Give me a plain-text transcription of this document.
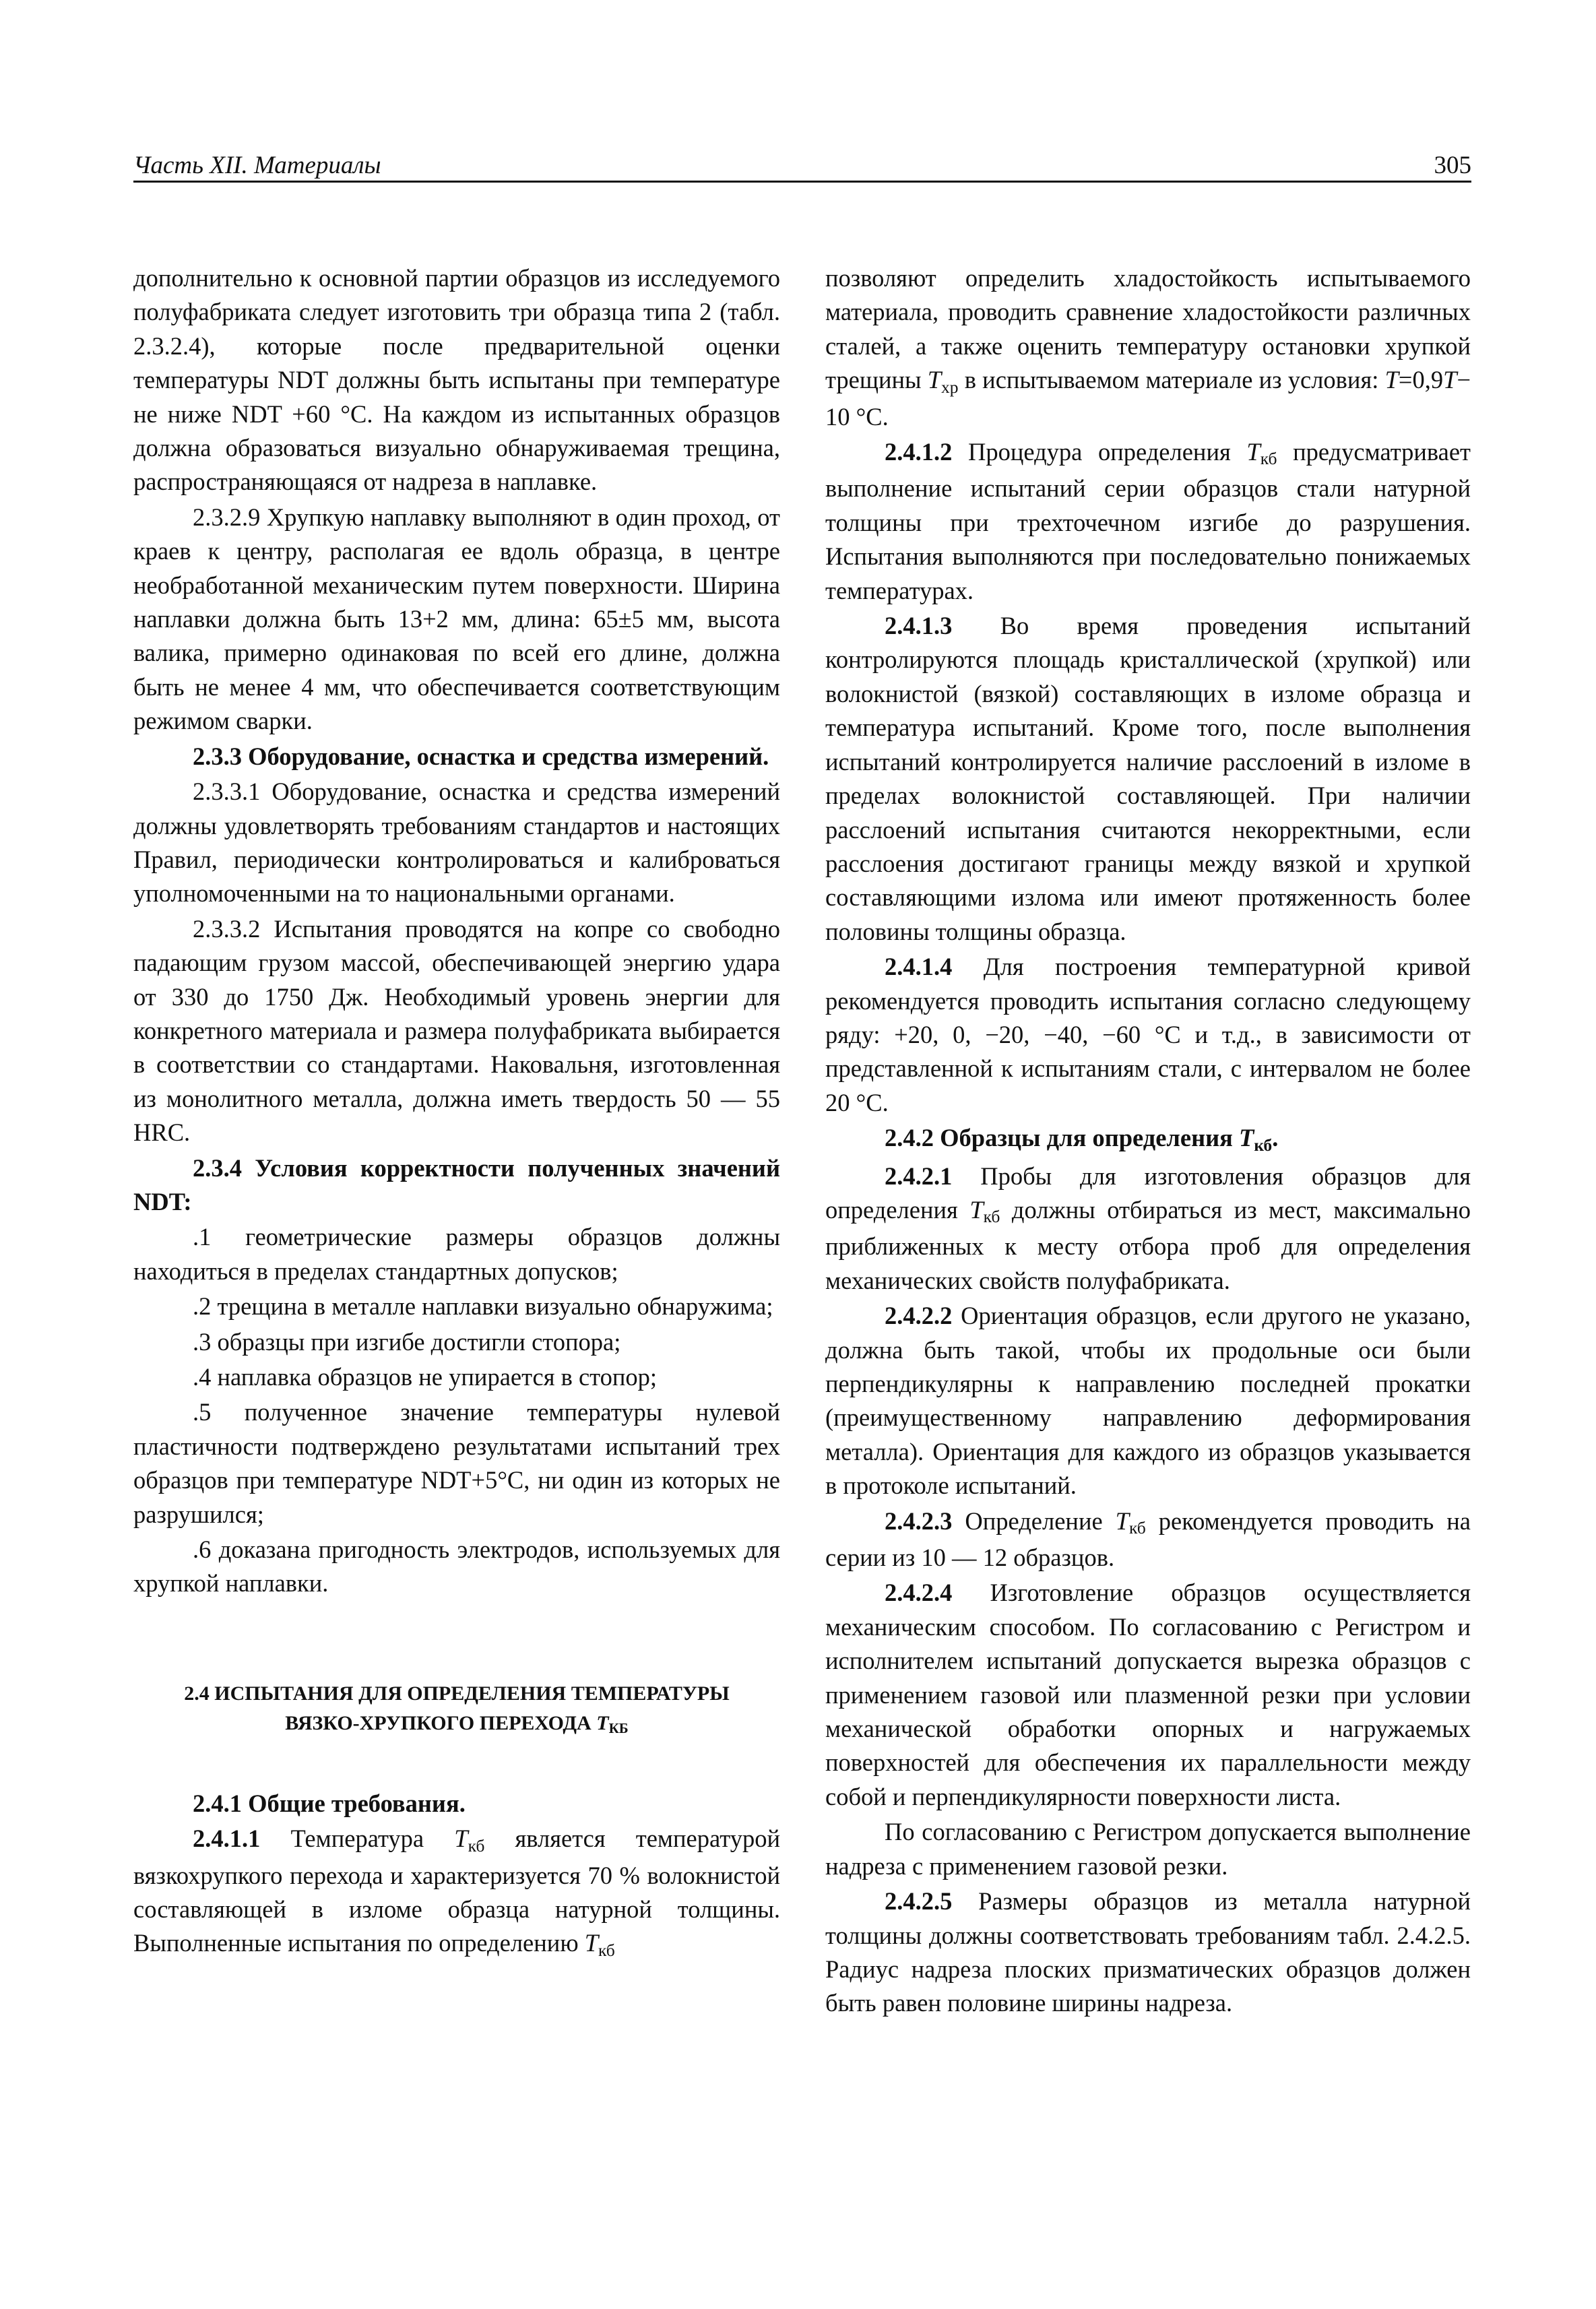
Часть XII. Материалы	305

дополнительно к основной партии образцов из исследуемого полуфабриката следует изготовить три образца типа 2 (табл. 2.3.2.4), которые после предварительной оценки температуры NDT должны быть испытаны при температуре не ниже NDT +60 °С. На каждом из испытанных образцов должна образоваться визуально обнаруживаемая трещина, распространяющаяся от надреза в наплавке.

2.3.2.9 Хрупкую наплавку выполняют в один проход, от краев к центру, располагая ее вдоль образца, в центре необработанной механическим путем поверхности. Ширина наплавки должна быть 13+2 мм, длина: 65±5 мм, высота валика, примерно одинаковая по всей его длине, должна быть не менее 4 мм, что обеспечивается соответствующим режимом сварки.

2.3.3 Оборудование, оснастка и средства измерений.

2.3.3.1 Оборудование, оснастка и средства измерений должны удовлетворять требованиям стандартов и настоящих Правил, периодически контролироваться и калиброваться уполномоченными на то национальными органами.

2.3.3.2 Испытания проводятся на копре со свободно падающим грузом массой, обеспечивающей энергию удара от 330 до 1750 Дж. Необходимый уровень энергии для конкретного материала и размера полуфабриката выбирается в соответствии со стандартами. Наковальня, изготовленная из монолитного металла, должна иметь твердость 50 — 55 HRC.

2.3.4 Условия корректности полученных значений NDT:

.1 геометрические размеры образцов должны находиться в пределах стандартных допусков;

.2 трещина в металле наплавки визуально обнаружима;

.3 образцы при изгибе достигли стопора;

.4 наплавка образцов не упирается в стопор;

.5 полученное значение температуры нулевой пластичности подтверждено результатами испытаний трех образцов при температуре NDT+5°С, ни один из которых не разрушился;

.6 доказана пригодность электродов, используемых для хрупкой наплавки.

2.4 ИСПЫТАНИЯ ДЛЯ ОПРЕДЕЛЕНИЯ ТЕМПЕРАТУРЫ
ВЯЗКО-ХРУПКОГО ПЕРЕХОДА TКБ

2.4.1 Общие требования.

2.4.1.1 Температура Tкб является температурой вязкохрупкого перехода и характеризуется 70 % волокнистой составляющей в изломе образца натурной толщины. Выполненные испытания по определению Tкб

позволяют определить хладостойкость испытываемого материала, проводить сравнение хладостойкости различных сталей, а также оценить температуру остановки хрупкой трещины Tхр в испытываемом материале из условия: T=0,9T− 10 °С.

2.4.1.2 Процедура определения Tкб предусматривает выполнение испытаний серии образцов стали натурной толщины при трехточечном изгибе до разрушения. Испытания выполняются при последовательно понижаемых температурах.

2.4.1.3 Во время проведения испытаний контролируются площадь кристаллической (хрупкой) или волокнистой (вязкой) составляющих в изломе образца и температура испытаний. Кроме того, после выполнения испытаний контролируется наличие расслоений в изломе в пределах волокнистой составляющей. При наличии расслоений испытания считаются некорректными, если расслоения достигают границы между вязкой и хрупкой составляющими излома или имеют протяженность более половины толщины образца.

2.4.1.4 Для построения температурной кривой рекомендуется проводить испытания согласно следующему ряду: +20, 0, −20, −40, −60 °С и т.д., в зависимости от представленной к испытаниям стали, с интервалом не более 20 °С.

2.4.2 Образцы для определения Tкб.

2.4.2.1 Пробы для изготовления образцов для определения Tкб должны отбираться из мест, максимально приближенных к месту отбора проб для определения механических свойств полуфабриката.

2.4.2.2 Ориентация образцов, если другого не указано, должна быть такой, чтобы их продольные оси были перпендикулярны к направлению последней прокатки (преимущественному направлению деформирования металла). Ориентация для каждого из образцов указывается в протоколе испытаний.

2.4.2.3 Определение Tкб рекомендуется проводить на серии из 10 — 12 образцов.

2.4.2.4 Изготовление образцов осуществляется механическим способом. По согласованию с Регистром и исполнителем испытаний допускается вырезка образцов с применением газовой или плазменной резки при условии механической обработки опорных и нагружаемых поверхностей для обеспечения их параллельности между собой и перпендикулярности поверхности листа.

По согласованию с Регистром допускается выполнение надреза с применением газовой резки.

2.4.2.5 Размеры образцов из металла натурной толщины должны соответствовать требованиям табл. 2.4.2.5. Радиус надреза плоских призматических образцов должен быть равен половине ширины надреза.
